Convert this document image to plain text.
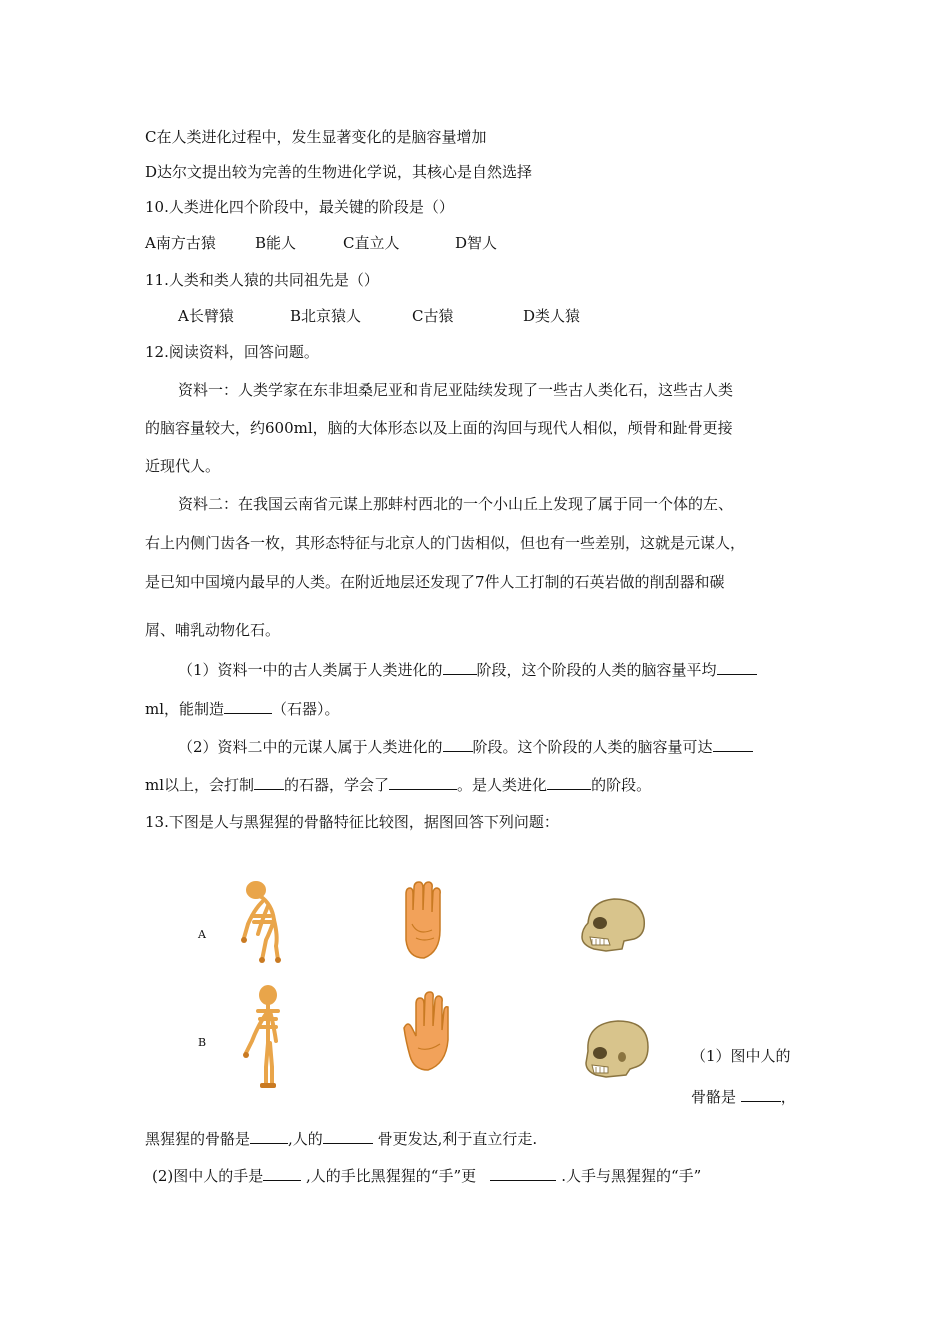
C在人类进化过程中，发生显著变化的是脑容量增加
D达尔文提出较为完善的生物进化学说，其核心是自然选择
10.人类进化四个阶段中，最关键的阶段是（）
A南方古猿	B能人	C直立人	D智人
11.人类和类人猿的共同祖先是（）
A长臂猿	B北京猿人	C古猿	D类人猿
12.阅读资料，回答问题。
资料一：人类学家在东非坦桑尼亚和肯尼亚陆续发现了一些古人类化石，这些古人类
的脑容量较大，约600ml，脑的大体形态以及上面的沟回与现代人相似，颅骨和趾骨更接
近现代人。
资料二：在我国云南省元谋上那蚌村西北的一个小山丘上发现了属于同一个体的左、
右上内侧门齿各一枚，其形态特征与北京人的门齿相似，但也有一些差别，这就是元谋人，
是已知中国境内最早的人类。在附近地层还发现了7件人工打制的石英岩做的削刮器和碳
屑、哺乳动物化石。
（1）资料一中的古人类属于人类进化的 阶段，这个阶段的人类的脑容量平均
ml，能制造	（石器）。
（2）资料二中的元谋人属于人类进化的 阶段。这个阶段的人类的脑容量可达
ml以上，会打制 的石器，学会了	。是人类进化	的阶段。
13.下图是人与黑猩猩的骨骼特征比较图，据图回答下列问题：
A
B
（1）图中人的
骨骼是	，
黑猩猩的骨骼是	,人的	骨更发达,利于直立行走.
(2)图中人的手是	,人的手比黑猩猩的“手”更	.人手与黑猩猩的“手”
